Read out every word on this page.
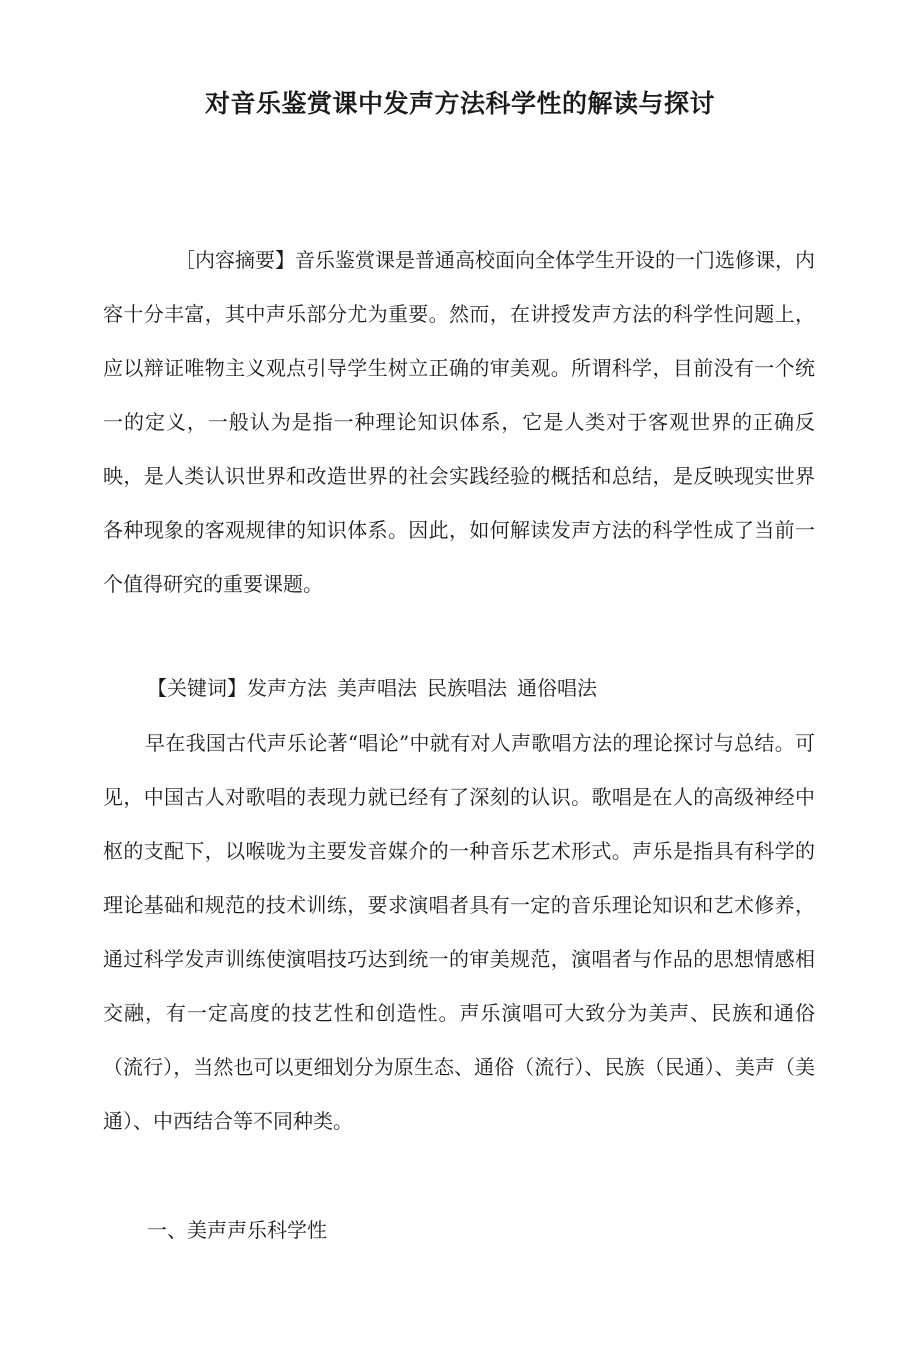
对音乐鉴赏课中发声方法科学性的解读与探讨

［内容摘要】音乐鉴赏课是普通高校面向全体学生开设的一门选修课，内容十分丰富，其中声乐部分尤为重要。然而，在讲授发声方法的科学性问题上，应以辩证唯物主义观点引导学生树立正确的审美观。所谓科学，目前没有一个统一的定义，一般认为是指一种理论知识体系，它是人类对于客观世界的正确反映，是人类认识世界和改造世界的社会实践经验的概括和总结，是反映现实世界各种现象的客观规律的知识体系。因此，如何解读发声方法的科学性成了当前一个值得研究的重要课题。

【关键词】发声方法 美声唱法 民族唱法 通俗唱法

早在我国古代声乐论著“唱论”中就有对人声歌唱方法的理论探讨与总结。可见，中国古人对歌唱的表现力就已经有了深刻的认识。歌唱是在人的高级神经中枢的支配下，以喉咙为主要发音媒介的一种音乐艺术形式。声乐是指具有科学的理论基础和规范的技术训练，要求演唱者具有一定的音乐理论知识和艺术修养，通过科学发声训练使演唱技巧达到统一的审美规范，演唱者与作品的思想情感相交融，有一定高度的技艺性和创造性。声乐演唱可大致分为美声、民族和通俗（流行），当然也可以更细划分为原生态、通俗（流行）、民族（民通）、美声（美通）、中西结合等不同种类。

一、美声声乐科学性
